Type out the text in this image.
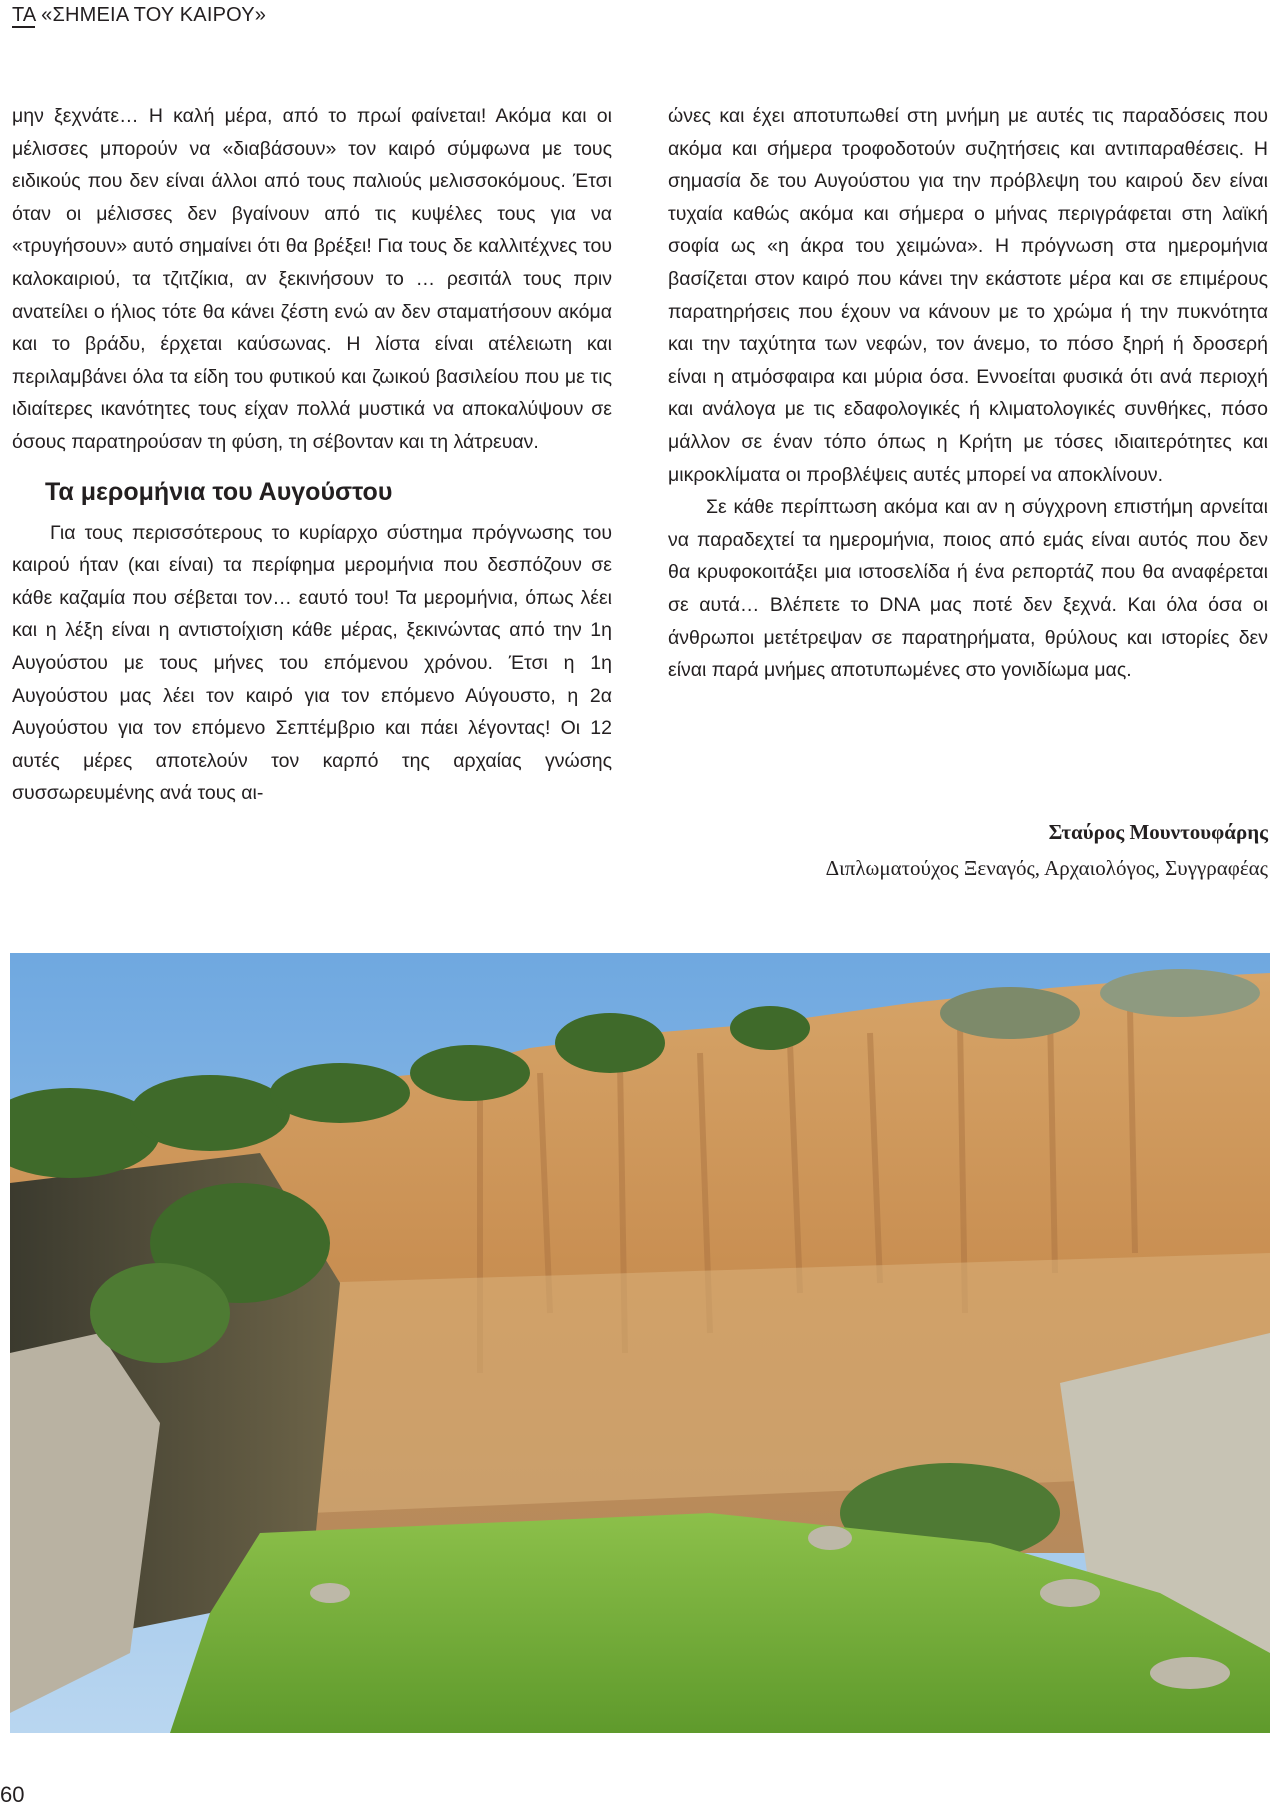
ΤΑ «ΣΗΜΕΙΑ ΤΟΥ ΚΑΙΡΟΥ»

μην ξεχνάτε… Η καλή μέρα, από το πρωί φαίνεται! Ακόμα και οι μέλισσες μπορούν να «διαβάσουν» τον καιρό σύμφωνα με τους ειδικούς που δεν είναι άλλοι από τους παλιούς μελισσοκόμους. Έτσι όταν οι μέλισσες δεν βγαίνουν από τις κυψέλες τους για να «τρυγήσουν» αυτό σημαίνει ότι θα βρέξει! Για τους δε καλλιτέχνες του καλοκαιριού, τα τζιτζίκια, αν ξεκινήσουν το … ρεσιτάλ τους πριν ανατείλει ο ήλιος τότε θα κάνει ζέστη ενώ αν δεν σταματήσουν ακόμα και το βράδυ, έρχεται καύσωνας. Η λίστα είναι ατέλειωτη και περιλαμβάνει όλα τα είδη του φυτικού και ζωικού βασιλείου που με τις ιδιαίτερες ικανότητες τους είχαν πολλά μυστικά να αποκαλύψουν σε όσους παρατηρούσαν τη φύση, τη σέβονταν και τη λάτρευαν.

Τα μερομήνια του Αυγούστου

Για τους περισσότερους το κυρίαρχο σύστημα πρόγνωσης του καιρού ήταν (και είναι) τα περίφημα μερομήνια που δεσπόζουν σε κάθε καζαμία που σέβεται τον… εαυτό του! Τα μερομήνια, όπως λέει και η λέξη είναι η αντιστοίχιση κάθε μέρας, ξεκινώντας από την 1η Αυγούστου με τους μήνες του επόμενου χρόνου. Έτσι η 1η Αυγούστου μας λέει τον καιρό για τον επόμενο Αύγουστο, η 2α Αυγούστου για τον επόμενο Σεπτέμβριο και πάει λέγοντας! Οι 12 αυτές μέρες αποτελούν τον καρπό της αρχαίας γνώσης συσσωρευμένης ανά τους αι-

ώνες και έχει αποτυπωθεί στη μνήμη με αυτές τις παραδόσεις που ακόμα και σήμερα τροφοδοτούν συζητήσεις και αντιπαραθέσεις. Η σημασία δε του Αυγούστου για την πρόβλεψη του καιρού δεν είναι τυχαία καθώς ακόμα και σήμερα ο μήνας περιγράφεται στη λαϊκή σοφία ως «η άκρα του χειμώνα». Η πρόγνωση στα ημερομήνια βασίζεται στον καιρό που κάνει την εκάστοτε μέρα και σε επιμέρους παρατηρήσεις που έχουν να κάνουν με το χρώμα ή την πυκνότητα και την ταχύτητα των νεφών, τον άνεμο, το πόσο ξηρή ή δροσερή είναι η ατμόσφαιρα και μύρια όσα. Εννοείται φυσικά ότι ανά περιοχή και ανάλογα με τις εδαφολογικές ή κλιματολογικές συνθήκες, πόσο μάλλον σε έναν τόπο όπως η Κρήτη με τόσες ιδιαιτερότητες και μικροκλίματα οι προβλέψεις αυτές μπορεί να αποκλίνουν.

Σε κάθε περίπτωση ακόμα και αν η σύγχρονη επιστήμη αρνείται να παραδεχτεί τα ημερομήνια, ποιος από εμάς είναι αυτός που δεν θα κρυφοκοιτάξει μια ιστοσελίδα ή ένα ρεπορτάζ που θα αναφέρεται σε αυτά… Βλέπετε το DNA μας ποτέ δεν ξεχνά. Και όλα όσα οι άνθρωποι μετέτρεψαν σε παρατηρήματα, θρύλους και ιστορίες δεν είναι παρά μνήμες αποτυπωμένες στο γονιδίωμα μας.

Σταύρος Μουντουφάρης
Διπλωματούχος Ξεναγός, Αρχαιολόγος, Συγγραφέας
60
